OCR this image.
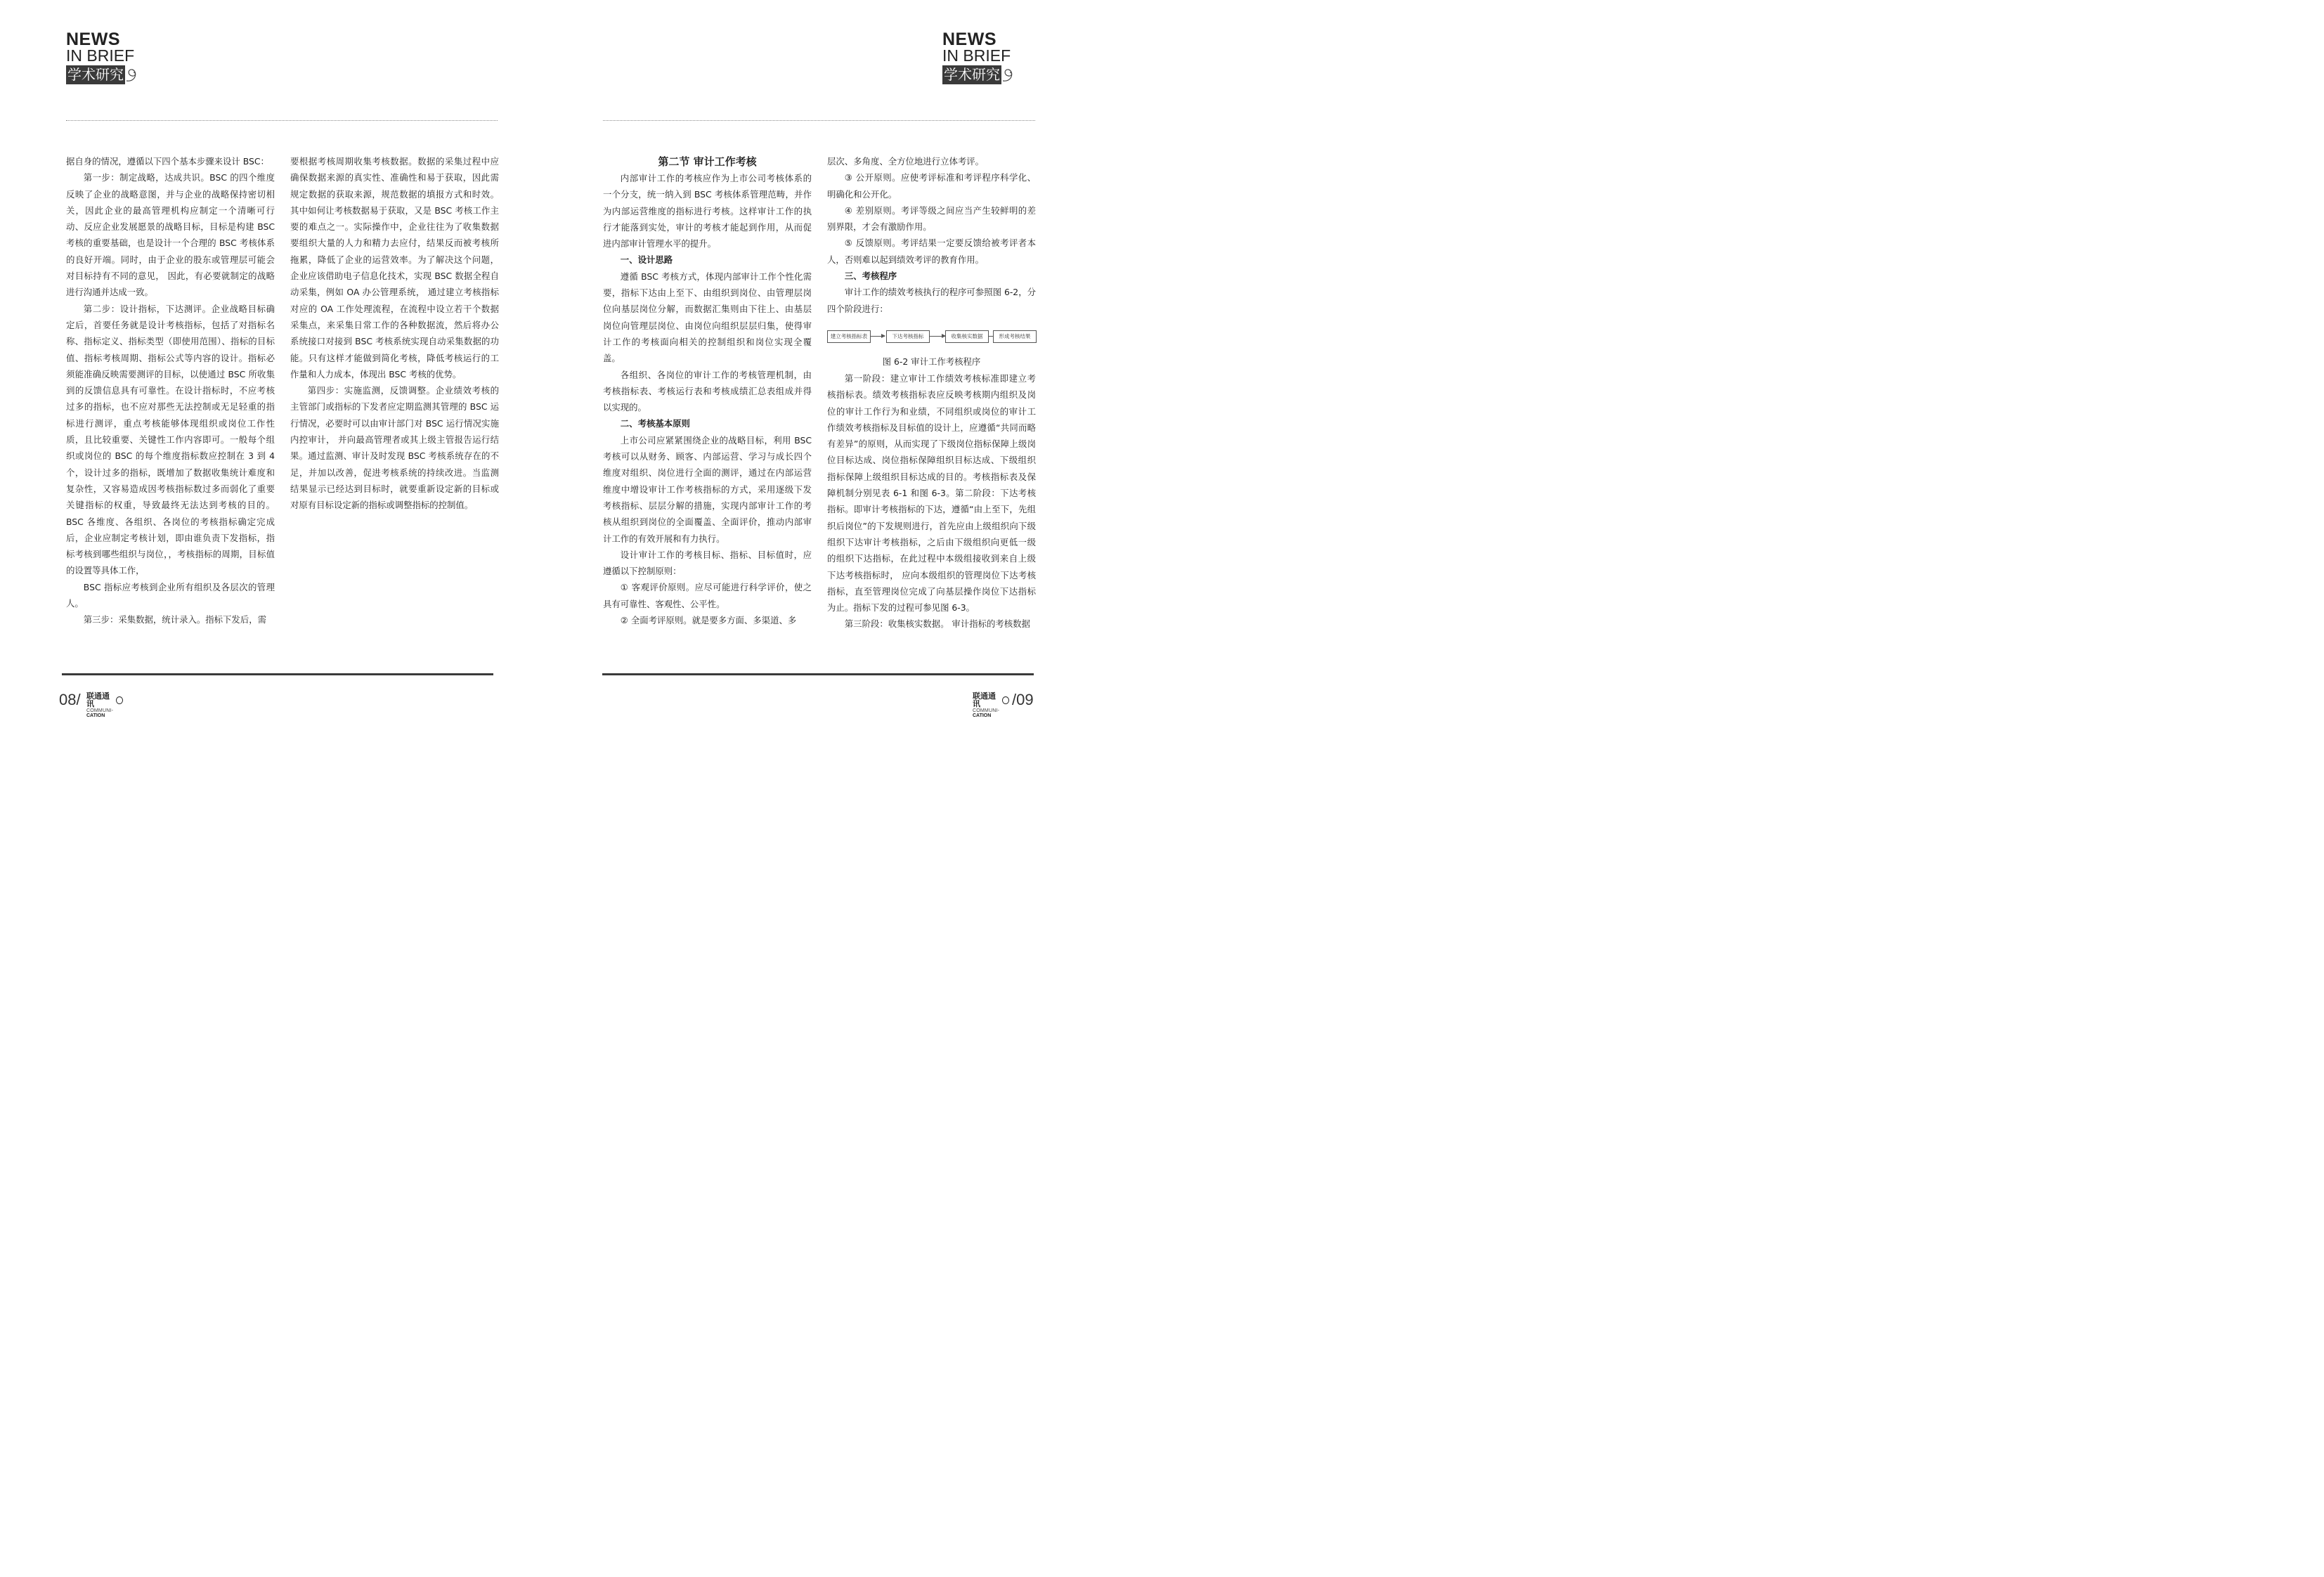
NEWS
IN BRIEF
学术研究
NEWS
IN BRIEF
学术研究

据自身的情况，遵循以下四个基本步骤来设计 BSC：

第一步：制定战略，达成共识。BSC 的四个维度反映了企业的战略意图，并与企业的战略保持密切相关，因此企业的最高管理机构应制定一个清晰可行动、反应企业发展愿景的战略目标，目标是构建 BSC 考核的重要基础，也是设计一个合理的 BSC 考核体系的良好开端。同时，由于企业的股东或管理层可能会对目标持有不同的意见， 因此，有必要就制定的战略进行沟通并达成一致。

第二步：设计指标，下达测评。企业战略目标确定后，首要任务就是设计考核指标，包括了对指标名称、指标定义、指标类型（即使用范围）、指标的目标值、指标考核周期、指标公式等内容的设计。指标必须能准确反映需要测评的目标，以使通过 BSC 所收集到的反馈信息具有可靠性。在设计指标时，不应考核过多的指标，也不应对那些无法控制或无足轻重的指标进行测评，重点考核能够体现组织或岗位工作性质，且比较重要、关键性工作内容即可。一般每个组织或岗位的 BSC 的每个维度指标数应控制在 3 到 4 个，设计过多的指标，既增加了数据收集统计难度和复杂性，又容易造成因考核指标数过多而弱化了重要关键指标的权重，导致最终无法达到考核的目的。BSC 各维度、各组织、各岗位的考核指标确定完成后，企业应制定考核计划，即由谁负责下发指标，指标考核到哪些组织与岗位，，考核指标的周期，目标值的设置等具体工作，

BSC 指标应考核到企业所有组织及各层次的管理人。

第三步：采集数据，统计录入。指标下发后，需

要根据考核周期收集考核数据。数据的采集过程中应确保数据来源的真实性、准确性和易于获取，因此需规定数据的获取来源，规范数据的填报方式和时效。其中如何让考核数据易于获取，又是 BSC 考核工作主要的难点之一。实际操作中，企业往往为了收集数据要组织大量的人力和精力去应付，结果反而被考核所拖累，降低了企业的运营效率。为了解决这个问题，企业应该借助电子信息化技术，实现 BSC 数据全程自动采集，例如 OA 办公管理系统， 通过建立考核指标对应的 OA 工作处理流程，在流程中设立若干个数据采集点，来采集日常工作的各种数据流，然后将办公系统接口对接到 BSC 考核系统实现自动采集数据的功能。只有这样才能做到简化考核，降低考核运行的工作量和人力成本，体现出 BSC 考核的优势。

第四步：实施监测，反馈调整。企业绩效考核的主管部门或指标的下发者应定期监测其管理的 BSC 运行情况，必要时可以由审计部门对 BSC 运行情况实施内控审计， 并向最高管理者或其上级主管报告运行结果。通过监测、审计及时发现 BSC 考核系统存在的不足，并加以改善，促进考核系统的持续改进。当监测结果显示已经达到目标时，就要重新设定新的目标或对原有目标设定新的指标或调整指标的控制值。

第二节 审计工作考核

内部审计工作的考核应作为上市公司考核体系的一个分支，统一纳入到 BSC 考核体系管理范畴，并作为内部运营维度的指标进行考核。这样审计工作的执行才能落到实处，审计的考核才能起到作用，从而促进内部审计管理水平的提升。

一、设计思路

遵循 BSC 考核方式，体现内部审计工作个性化需要，指标下达由上至下、由组织到岗位、由管理层岗位向基层岗位分解，而数据汇集则由下往上、由基层岗位向管理层岗位、由岗位向组织层层归集，使得审计工作的考核面向相关的控制组织和岗位实现全覆盖。

各组织、各岗位的审计工作的考核管理机制，由考核指标表、考核运行表和考核成绩汇总表组成并得以实现的。

二、考核基本原则

上市公司应紧紧围绕企业的战略目标，利用 BSC 考核可以从财务、顾客、内部运营、学习与成长四个维度对组织、岗位进行全面的测评，通过在内部运营维度中增设审计工作考核指标的方式，采用逐级下发考核指标、层层分解的措施，实现内部审计工作的考核从组织到岗位的全面覆盖、全面评价，推动内部审计工作的有效开展和有力执行。

设计审计工作的考核目标、指标、目标值时，应遵循以下控制原则：

① 客观评价原则。应尽可能进行科学评价，使之具有可靠性、客观性、公平性。

② 全面考评原则。就是要多方面、多渠道、多

层次、多角度、全方位地进行立体考评。

③ 公开原则。应使考评标准和考评程序科学化、明确化和公开化。

④ 差别原则。考评等级之间应当产生较鲜明的差别界限，才会有激励作用。

⑤ 反馈原则。考评结果一定要反馈给被考评者本人，否则难以起到绩效考评的教育作用。

三、考核程序

审计工作的绩效考核执行的程序可参照图 6-2，分四个阶段进行：

建立考核指标表	下达考核指标	收集核实数据	形成考核结果
图 6-2 审计工作考核程序

第一阶段：建立审计工作绩效考核标准即建立考核指标表。绩效考核指标表应反映考核期内组织及岗位的审计工作行为和业绩，不同组织或岗位的审计工作绩效考核指标及目标值的设计上，应遵循“共同而略有差异”的原则，从而实现了下级岗位指标保障上级岗位目标达成、岗位指标保障组织目标达成、下级组织指标保障上级组织目标达成的目的。考核指标表及保障机制分别见表 6-1 和图 6-3。第二阶段：下达考核指标。即审计考核指标的下达，遵循“由上至下，先组织后岗位”的下发规则进行，首先应由上级组织向下级组织下达审计考核指标，之后由下级组织向更低一级的组织下达指标，在此过程中本级组接收到来自上级下达考核指标时， 应向本级组织的管理岗位下达考核指标，直至管理岗位完成了向基层操作岗位下达指标为止。指标下发的过程可参见图 6-3。

第三阶段：收集核实数据。 审计指标的考核数据

08/ 联通通讯
COMMUNI-
CATION
联通通讯
COMMUNI-
CATION
/09
